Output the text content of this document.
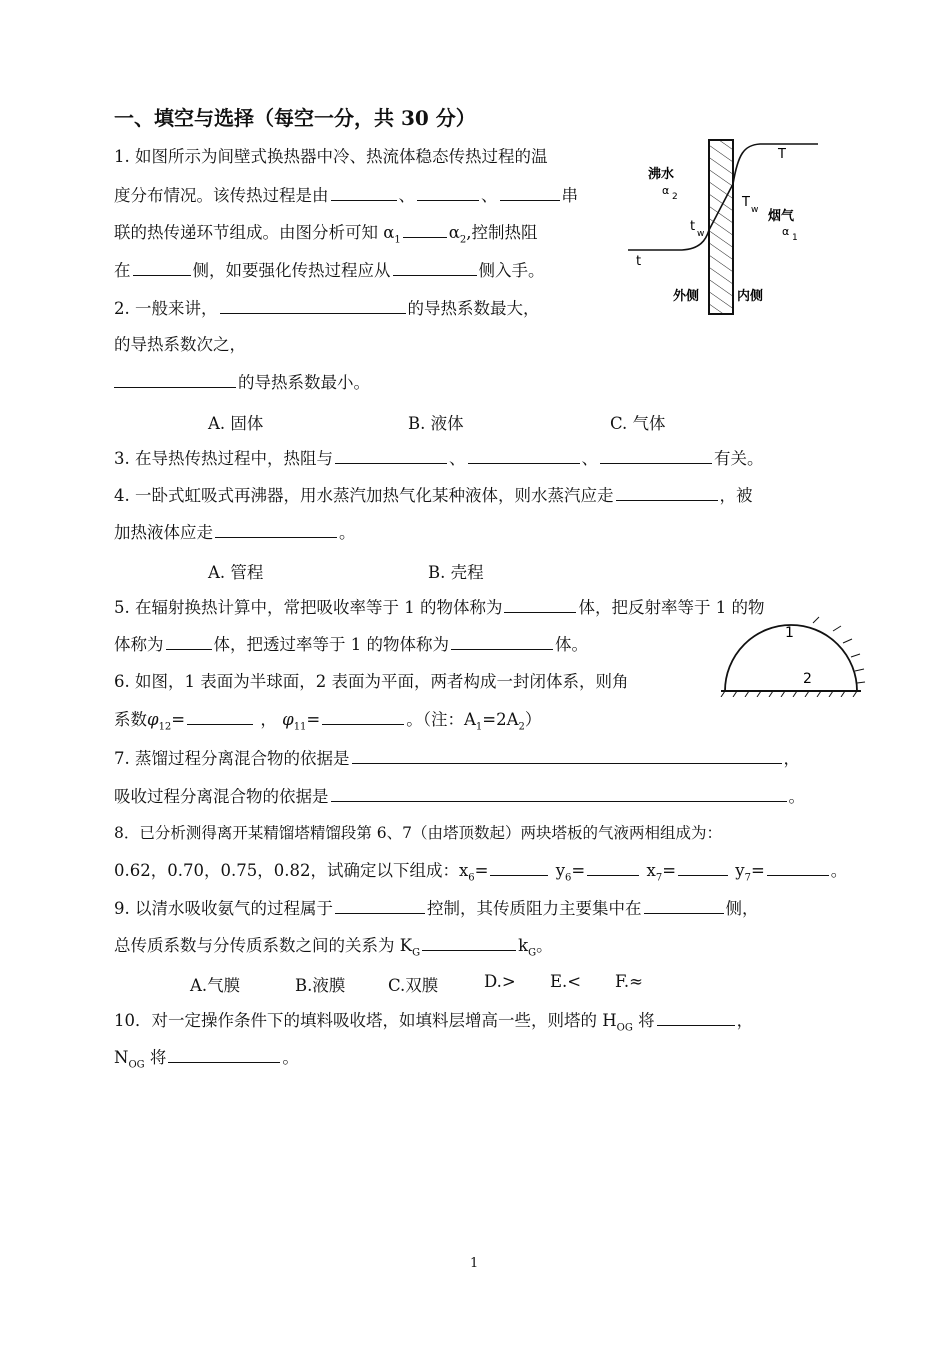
一、填空与选择（每空一分，共 30 分）
1. 如图所示为间壁式换热器中冷、热流体稳态传热过程的温
度分布情况。该传热过程是由	、	、	串
联的热传递环节组成。由图分析可知 $\alpha_1$	$\alpha_2$,控制热阻
在	侧，如要强化传热过程应从	侧入手。
T
沸水
α 2	T w 烟气
α 1
t w
t
外侧	内侧
2. 一般来讲，	的导热系数最大，
的导热系数次之，
的导热系数最小。
A. 固体	B. 液体	C. 气体
3. 在导热传热过程中，热阻与	、	、	有关。
4. 一卧式虹吸式再沸器，用水蒸汽加热气化某种液体，则水蒸汽应走	，被
加热液体应走	。
A. 管程	B. 壳程
5. 在辐射换热计算中，常把吸收率等于 1 的物体称为	体，把反射率等于 1 的物
体称为	体，把透过率等于 1 的物体称为	体。
1
2
6. 如图，1 表面为半球面，2 表面为平面，两者构成一封闭体系，则角
系数$\varphi_{12}=$	， $\varphi_{11}=$	。（注：$A_1=2A_2$）
7. 蒸馏过程分离混合物的依据是	，
吸收过程分离混合物的依据是	。
8．已分析测得离开某精馏塔精馏段第 6、7（由塔顶数起）两块塔板的气液两相组成为：
0.62，0.70，0.75，0.82，试确定以下组成：$x_6=$	$y_6=$	$x_7=$	$y_7=$	。
9. 以清水吸收氨气的过程属于	控制，其传质阻力主要集中在	侧，
总传质系数与分传质系数之间的关系为 $K_G$	$k_G$。
A.气膜	B.液膜	C.双膜	D.> E.< F.≈
10．对一定操作条件下的填料吸收塔，如填料层增高一些，则塔的 $H_{OG}$ 将	，
$N_{OG}$ 将	。
1
